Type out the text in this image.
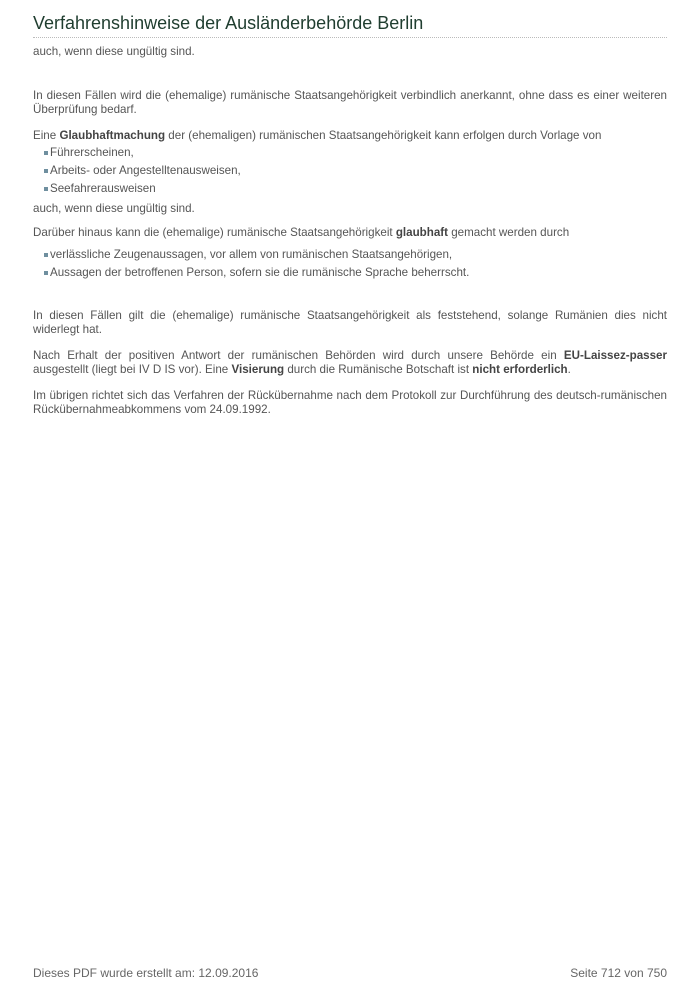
Verfahrenshinweise der Ausländerbehörde Berlin

auch, wenn diese ungültig sind.

In diesen Fällen wird die (ehemalige) rumänische Staatsangehörigkeit verbindlich anerkannt, ohne dass es einer weiteren Überprüfung bedarf.

Eine Glaubhaftmachung der (ehemaligen) rumänischen Staatsangehörigkeit kann erfolgen durch Vorlage von

Führerscheinen,
Arbeits- oder Angestelltenausweisen,
Seefahrerausweisen

auch, wenn diese ungültig sind.

Darüber hinaus kann die (ehemalige) rumänische Staatsangehörigkeit glaubhaft gemacht werden durch

verlässliche Zeugenaussagen, vor allem von rumänischen Staatsangehörigen,
Aussagen der betroffenen Person, sofern sie die rumänische Sprache beherrscht.

In diesen Fällen gilt die (ehemalige) rumänische Staatsangehörigkeit als feststehend, solange Rumänien dies nicht widerlegt hat.

Nach Erhalt der positiven Antwort der rumänischen Behörden wird durch unsere Behörde ein EU-Laissez-passer ausgestellt (liegt bei IV D IS vor). Eine Visierung durch die Rumänische Botschaft ist nicht erforderlich.

Im übrigen richtet sich das Verfahren der Rückübernahme nach dem Protokoll zur Durchführung des deutsch-rumänischen Rückübernahmeabkommens vom 24.09.1992.

Dieses PDF wurde erstellt am: 12.09.2016	Seite 712 von 750
